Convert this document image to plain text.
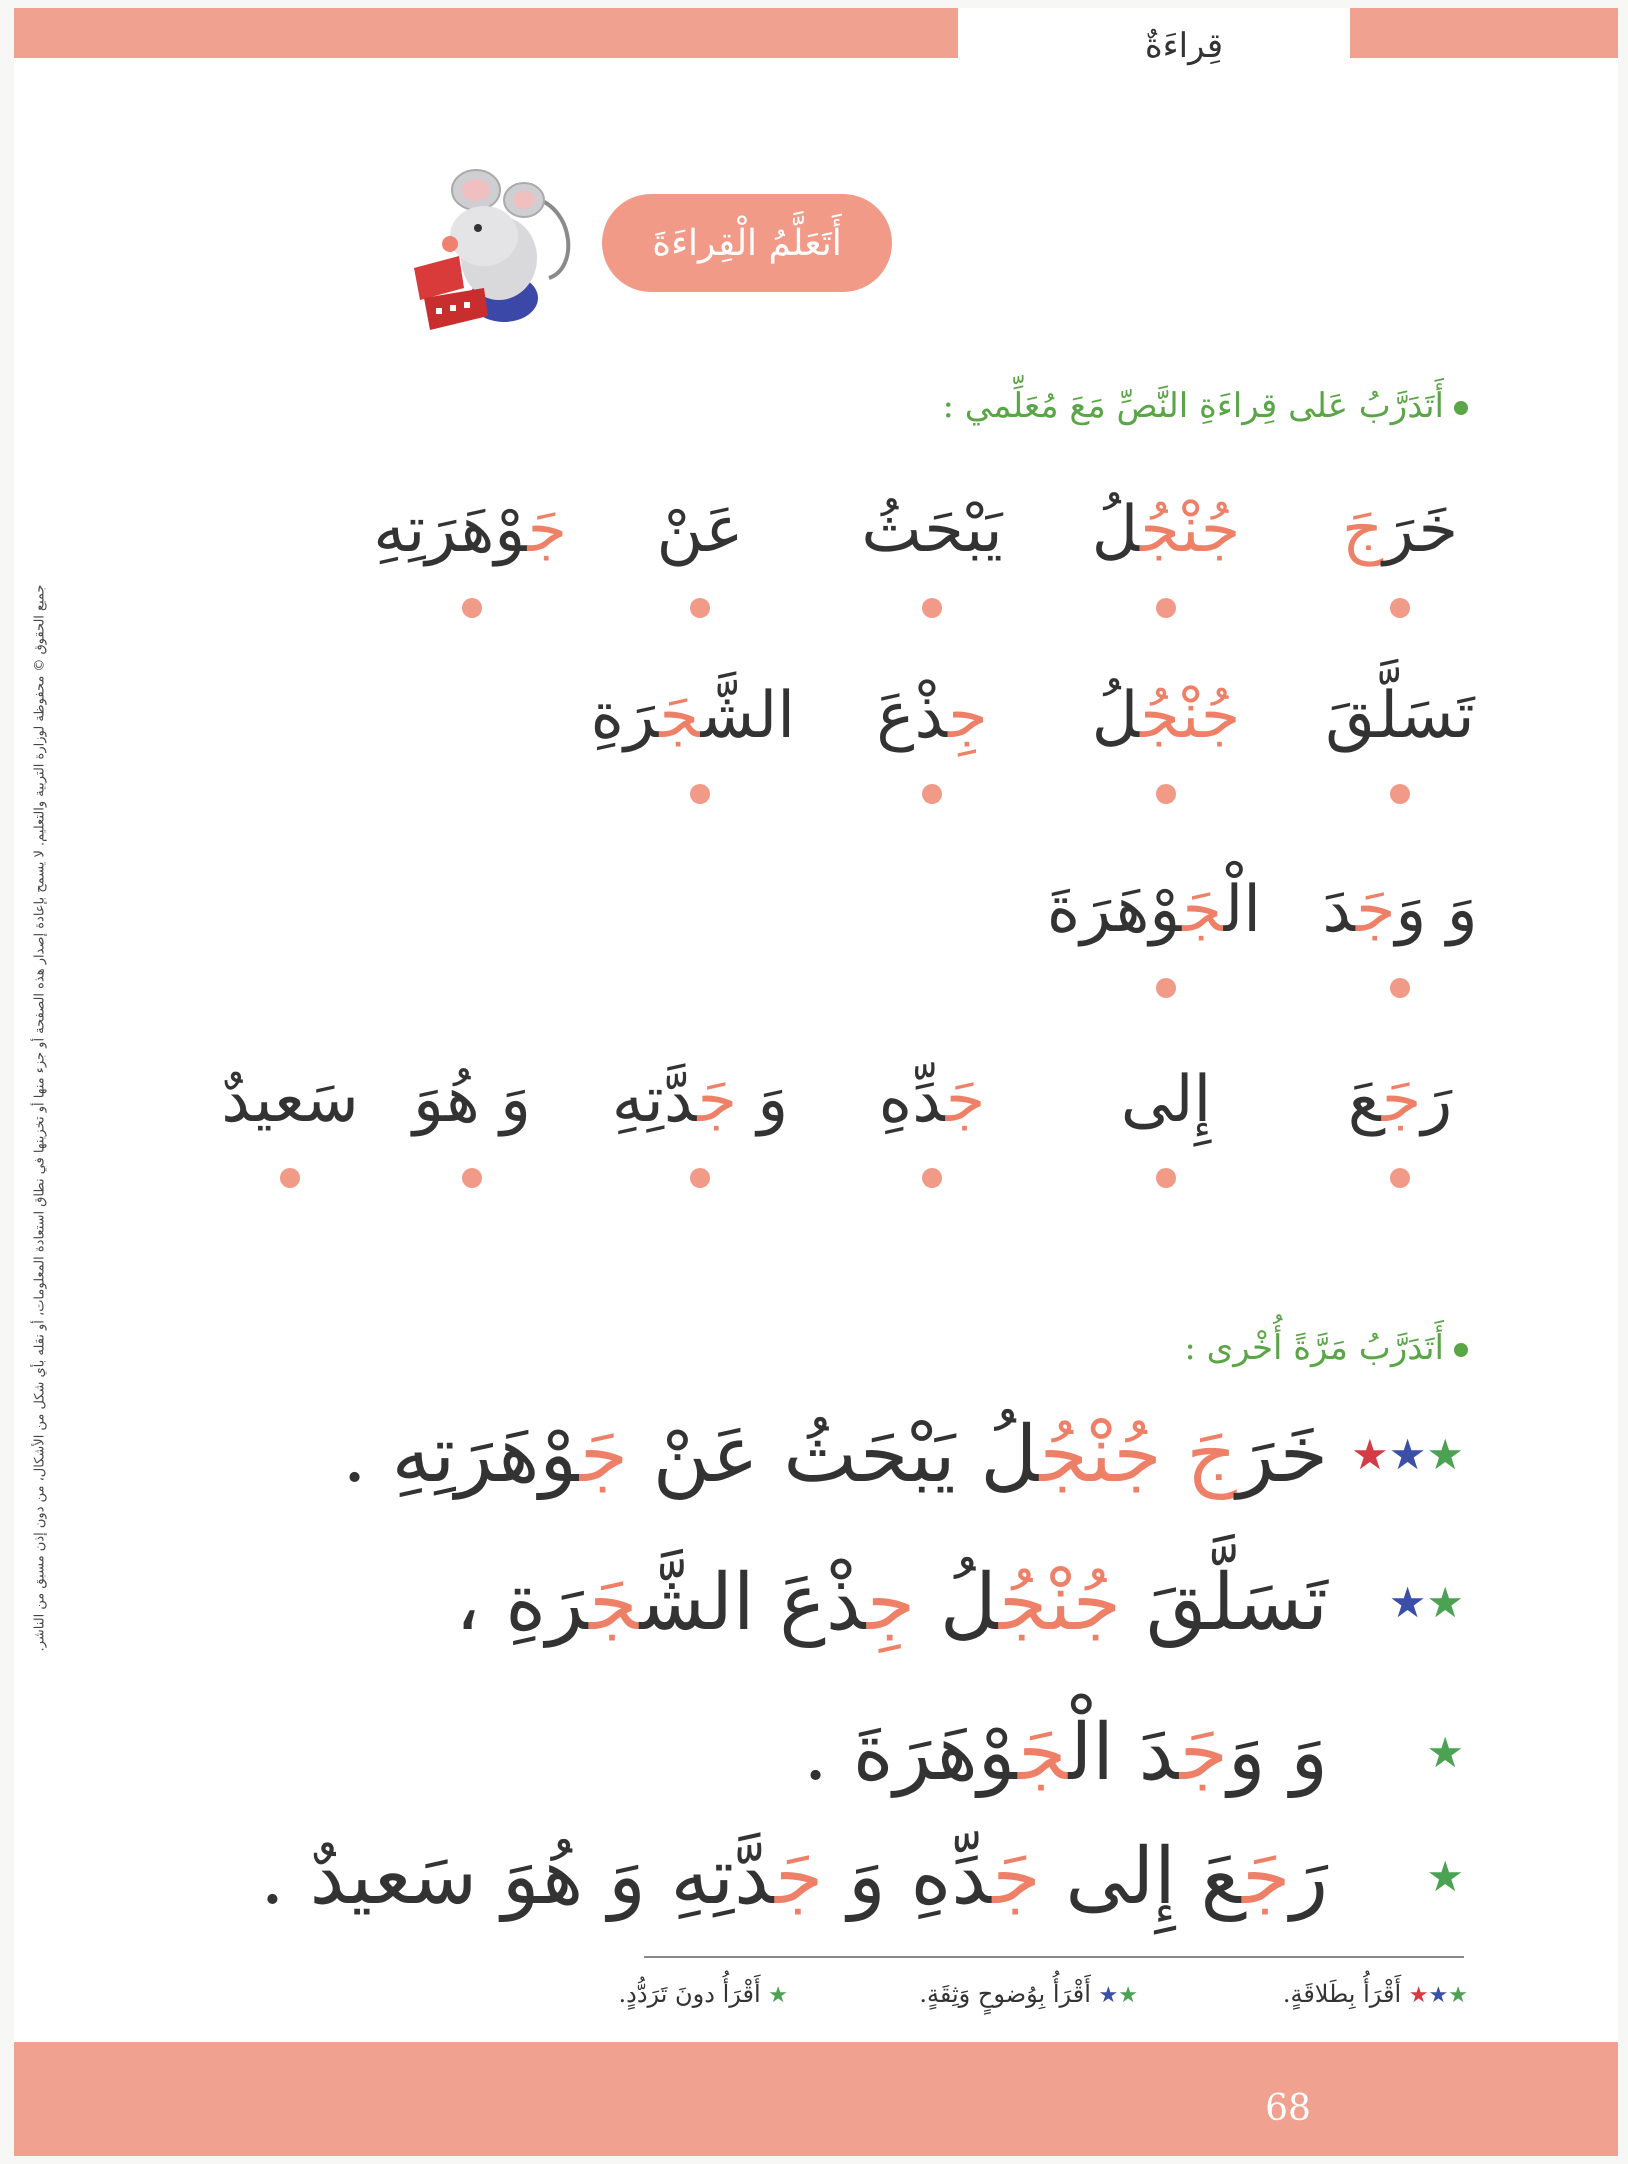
قِراءَةٌ
جميع الحقوق © محفوظة لوزارة التربية والتعليم. لا يسمح بإعادة إصدار هذه الصفحة أو جزء منها أو تخزينها في نطاق استعادة المعلومات، أو نقله بأي شكل من الأشكال، من دون إذن مسبق من الناشر.
أَتَعَلَّمُ الْقِراءَةَ
أَتَدَرَّبُ عَلى قِراءَةِ النَّصِّ مَعَ مُعَلِّمي :
أَتَدَرَّبُ مَرَّةً أُخْرى :
68
خَرَجَ
جُنْجُلُ
يَبْحَثُ
عَنْ
جَوْهَرَتِهِ
تَسَلَّقَ
جُنْجُلُ
جِذْعَ
الشَّجَرَةِ
وَ وَجَدَ
الْجَوْهَرَةَ
رَجَعَ
إِلى
جَدِّهِ
وَ جَدَّتِهِ
وَ هُوَ
سَعيدٌ
★★★
خَرَجَ جُنْجُلُ يَبْحَثُ عَنْ جَوْهَرَتِهِ .
★★
تَسَلَّقَ جُنْجُلُ جِذْعَ الشَّجَرَةِ ،
★
وَ وَجَدَ الْجَوْهَرَةَ .
★
رَجَعَ إِلى جَدِّهِ وَ جَدَّتِهِ وَ هُوَ سَعيدٌ .
★★★ أَقْرَأُ بِطَلاقَةٍ.
★★ أَقْرَأُ بِوُضوحٍ وَثِقَةٍ.
★ أَقْرَأُ دونَ تَرَدُّدٍ.
